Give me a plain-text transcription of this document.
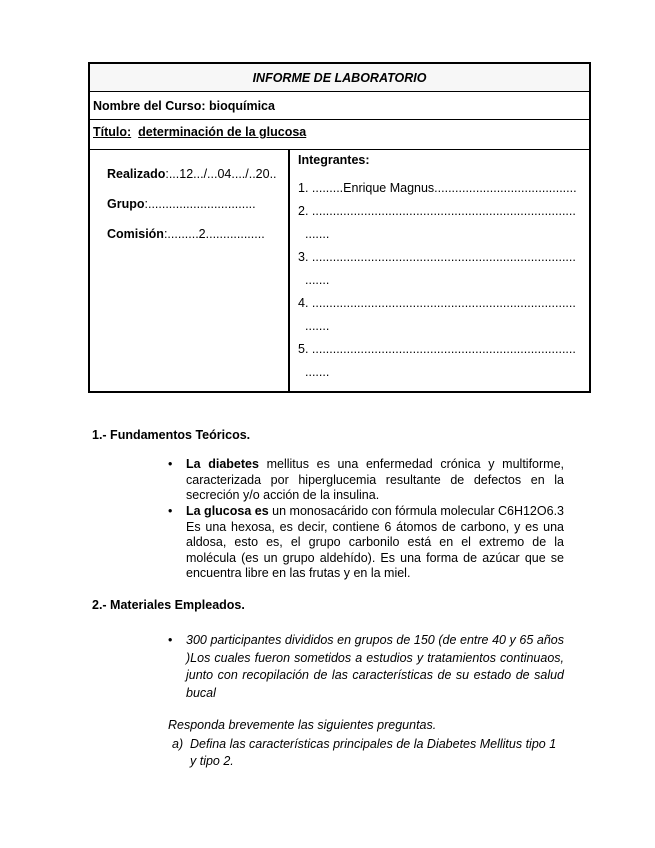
INFORME DE LABORATORIO
Nombre del Curso: bioquímica
Título: determinación de la glucosa
Realizado:...12.../...04..../..20..
Grupo:...............................
Comisión:.........2.................
Integrantes:
1. .........Enrique Magnus.........................................
2. ............................................................................
.......
3. ............................................................................
.......
4. ............................................................................
.......
5. ............................................................................
.......
1.- Fundamentos Teóricos.
• La diabetes mellitus es una enfermedad crónica y multiforme, caracterizada por hiperglucemia resultante de defectos en la secreción y/o acción de la insulina.
• La glucosa es un monosacárido con fórmula molecular C6H12O6.3 Es una hexosa, es decir, contiene 6 átomos de carbono, y es una aldosa, esto es, el grupo carbonilo está en el extremo de la molécula (es un grupo aldehído). Es una forma de azúcar que se encuentra libre en las frutas y en la miel.
2.- Materiales Empleados.
• 300 participantes divididos en grupos de 150 (de entre 40 y 65 años )Los cuales fueron sometidos a estudios y tratamientos continuaos, junto con recopilación de las características de su estado de salud bucal
Responda brevemente las siguientes preguntas.
a) Defina las características principales de la Diabetes Mellitus tipo 1 y tipo 2.
